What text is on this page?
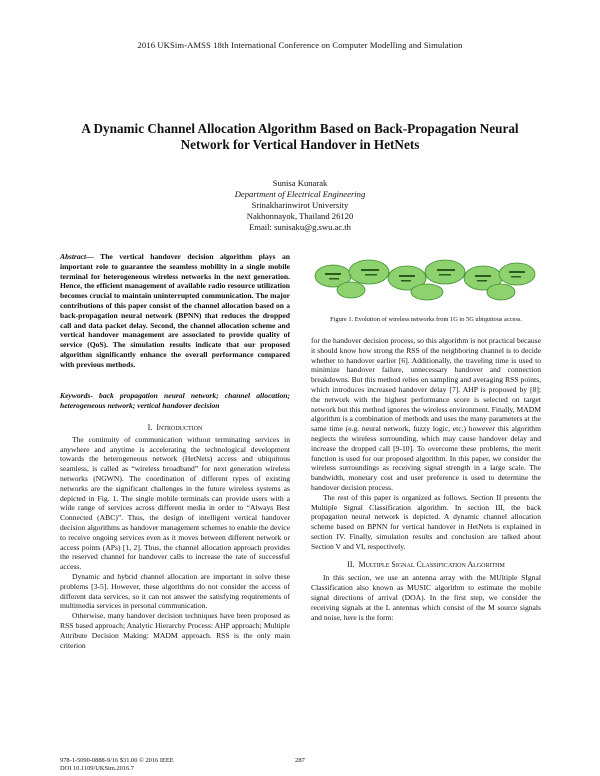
2016 UKSim-AMSS 18th International Conference on Computer Modelling and Simulation
A Dynamic Channel Allocation Algorithm Based on Back-Propagation Neural Network for Vertical Handover in HetNets
Sunisa Kunarak
Department of Electrical Engineering
Srinakharinwirot University
Nakhonnayok, Thailand 26120
Email: sunisaku@g.swu.ac.th
Abstract— The vertical handover decision algorithm plays an important role to guarantee the seamless mobility in a single mobile terminal for heterogeneous wireless networks in the next generation. Hence, the efficient management of available radio resource utilization becomes crucial to maintain uninterrupted communication. The major contributions of this paper consist of the channel allocation based on a back-propagation neural network (BPNN) that reduces the dropped call and data packet delay. Second, the channel allocation scheme and vertical handover management are associated to provide quality of service (QoS). The simulation results indicate that our proposed algorithm significantly enhance the overall performance compared with previous methods.
Keywords- back propagation neural network; channel allocation; heterogeneous network; vertical handover decision
I. Introduction

The continuity of communication without terminating services in anywhere and anytime is accelerating the technological development towards the heterogeneous network (HetNets) access and ubiquitous seamless, is called as “wireless broadband” for next generation wireless networks (NGWN). The coordination of different types of existing networks are the significant challenges in the future wireless systems as depicted in Fig. 1. The single mobile terminals can provide users with a wide range of services across different media in order to “Always Best Connected (ABC)”. Thus, the design of intelligent vertical handover decision algorithms as handover management schemes to enable the device to receive ongoing services even as it moves between different network or access points (APs) [1, 2]. Thus, the channel allocation approach provides the reserved channel for handover calls to increase the rate of successful access.

Dynamic and hybrid channel allocation are important in solve these problems [3-5]. However, these algorithms do not consider the access of different data services, so it can not answer the satisfying requirements of multimedia services in personal communication.

Otherwise, many handover decision techniques have been proposed as RSS based approach; Analytic Hierarchy Process: AHP approach; Multiple Attribute Decision Making: MADM approach. RSS is the only main criterion

Figure 1. Evolution of wireless networks from 1G to 5G ubiquitous access.

for the handover decision process, so this algorithm is not practical because it should know how strong the RSS of the neighboring channel is to decide whether to handover earlier [6]. Additionally, the traveling time is used to minimize handover failure, unnecessary handover and connection breakdowns. But this method relies on sampling and averaging RSS points, which introduces increased handover delay [7]. AHP is proposed by [8]; the network with the highest performance score is selected on target network but this method ignores the wireless environment. Finally, MADM algorithm is a combination of methods and uses the many parameters at the same time (e.g. neural network, fuzzy logic, etc.) however this algorithm neglects the wireless surrounding, which may cause handover delay and increase the dropped call [9-10]. To overcome these problems, the merit function is used for our proposed algorithm. In this paper, we consider the wireless surroundings as receiving signal strength in a large scale. The bandwidth, monetary cost and user preference is used to determine the handover decision process.

The rest of this paper is organized as follows. Section II presents the Multiple Signal Classification algorithm. In section III, the back propagation neural network is depicted. A dynamic channel allocation scheme based on BPNN for vertical handover in HetNets is explained in section IV. Finally, simulation results and conclusion are talked about Section V and VI, respectively.

II. Multiple Signal Classification Algorithm

In this section, we use an antenna array with the MUltiple SIgnal Classification also known as MUSIC algorithm to estimate the mobile signal directions of arrival (DOA). In the first step, we consider the receiving signals at the L antennas which consist of the M source signals and noise, here is the form:

978-1-5090-0888-9/16 $31.00 © 2016 IEEE
DOI 10.1109/UKSim.2016.7
287
